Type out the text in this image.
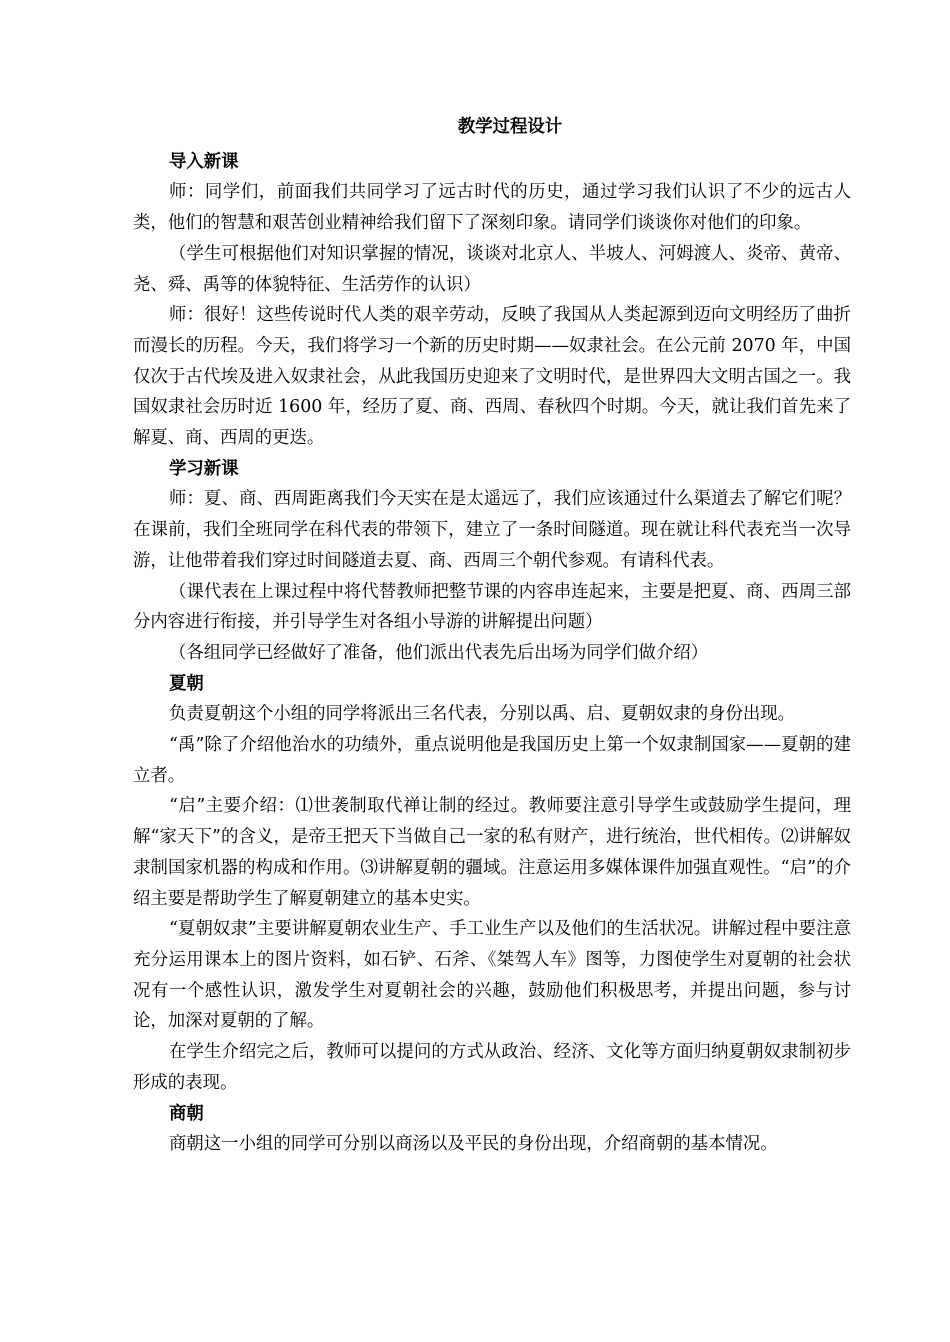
教学过程设计

导入新课

师：同学们，前面我们共同学习了远古时代的历史，通过学习我们认识了不少的远古人类，他们的智慧和艰苦创业精神给我们留下了深刻印象。请同学们谈谈你对他们的印象。

（学生可根据他们对知识掌握的情况，谈谈对北京人、半坡人、河姆渡人、炎帝、黄帝、尧、舜、禹等的体貌特征、生活劳作的认识）

师：很好！这些传说时代人类的艰辛劳动，反映了我国从人类起源到迈向文明经历了曲折而漫长的历程。今天，我们将学习一个新的历史时期——奴隶社会。在公元前 2070 年，中国仅次于古代埃及进入奴隶社会，从此我国历史迎来了文明时代，是世界四大文明古国之一。我国奴隶社会历时近 1600 年，经历了夏、商、西周、春秋四个时期。今天，就让我们首先来了解夏、商、西周的更迭。

学习新课

师：夏、商、西周距离我们今天实在是太遥远了，我们应该通过什么渠道去了解它们呢？在课前，我们全班同学在科代表的带领下，建立了一条时间隧道。现在就让科代表充当一次导游，让他带着我们穿过时间隧道去夏、商、西周三个朝代参观。有请科代表。

（课代表在上课过程中将代替教师把整节课的内容串连起来，主要是把夏、商、西周三部分内容进行衔接，并引导学生对各组小导游的讲解提出问题）

（各组同学已经做好了准备，他们派出代表先后出场为同学们做介绍）

夏朝

负责夏朝这个小组的同学将派出三名代表，分别以禹、启、夏朝奴隶的身份出现。

“禹”除了介绍他治水的功绩外，重点说明他是我国历史上第一个奴隶制国家——夏朝的建立者。

“启”主要介绍：⑴世袭制取代禅让制的经过。教师要注意引导学生或鼓励学生提问，理解“家天下”的含义，是帝王把天下当做自己一家的私有财产，进行统治，世代相传。⑵讲解奴隶制国家机器的构成和作用。⑶讲解夏朝的疆域。注意运用多媒体课件加强直观性。“启”的介绍主要是帮助学生了解夏朝建立的基本史实。

“夏朝奴隶”主要讲解夏朝农业生产、手工业生产以及他们的生活状况。讲解过程中要注意充分运用课本上的图片资料，如石铲、石斧、《桀驾人车》图等，力图使学生对夏朝的社会状况有一个感性认识，激发学生对夏朝社会的兴趣，鼓励他们积极思考，并提出问题，参与讨论，加深对夏朝的了解。

在学生介绍完之后，教师可以提问的方式从政治、经济、文化等方面归纳夏朝奴隶制初步形成的表现。

商朝

商朝这一小组的同学可分别以商汤以及平民的身份出现，介绍商朝的基本情况。
